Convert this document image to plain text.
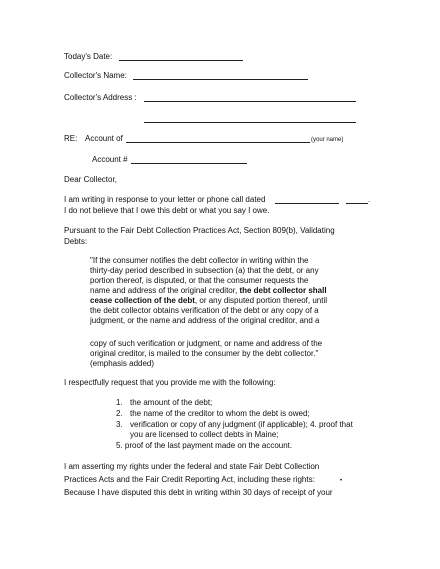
Today's Date:
Collector's Name:
Collector's Address :
RE: Account of	(your name)
Account #
Dear Collector,
I am writing in response to your letter or phone call dated	.
I do not believe that I owe this debt or what you say I owe.
Pursuant to the Fair Debt Collection Practices Act, Section 809(b), Validating
Debts:
"If the consumer notifies the debt collector in writing within the
thirty-day period described in subsection (a) that the debt, or any
portion thereof, is disputed, or that the consumer requests the
name and address of the original creditor, the debt collector shall
cease collection of the debt, or any disputed portion thereof, until
the debt collector obtains verification of the debt or any copy of a
judgment, or the name and address of the original creditor, and a
copy of such verification or judgment, or name and address of the
original creditor, is mailed to the consumer by the debt collector."
(emphasis added)
I respectfully request that you provide me with the following:
1. the amount of the debt;
2. the name of the creditor to whom the debt is owed;
3. verification or copy of any judgment (if applicable); 4. proof that
you are licensed to collect debts in Maine;
5. proof of the last payment made on the account.
I am asserting my rights under the federal and state Fair Debt Collection
Practices Acts and the Fair Credit Reporting Act, including these rights:	•
Because I have disputed this debt in writing within 30 days of receipt of your
